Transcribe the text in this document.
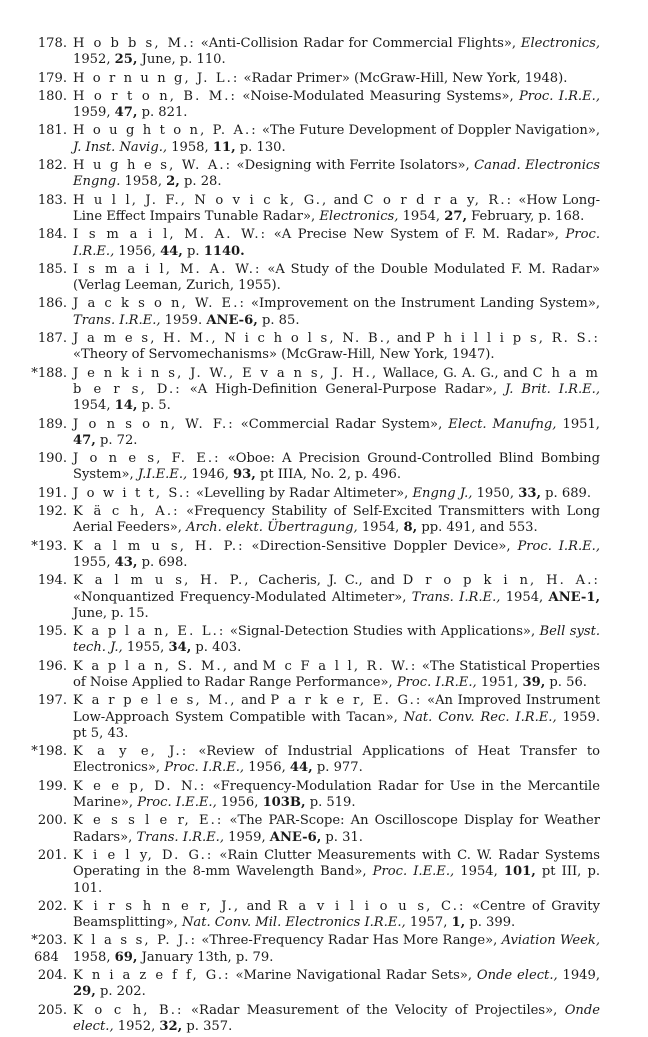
178. H o b b s, M.: «Anti-Collision Radar for Commercial Flights», Electronics, 1952, 25, June, p. 110.
179. H o r n u n g, J. L.: «Radar Primer» (McGraw-Hill, New York, 1948).
180. H o r t o n, B. M.: «Noise-Modulated Measuring Systems», Proc. I.R.E., 1959, 47, p. 821.
181. H o u g h t o n, P. A.: «The Future Development of Doppler Navigation», J. Inst. Navig., 1958, 11, p. 130.
182. H u g h e s, W. A.: «Designing with Ferrite Isolators», Canad. Electronics Engng. 1958, 2, p. 28.
183. H u l l, J. F., N o v i c k, G., and C o r d r a y, R.: «How Long-Line Effect Impairs Tunable Radar», Electronics, 1954, 27, February, p. 168.
184. I s m a i l, M. A. W.: «A Precise New System of F. M. Radar», Proc. I.R.E., 1956, 44, p. 1140.
185. I s m a i l, M. A. W.: «A Study of the Double Modulated F. M. Radar» (Verlag Leeman, Zurich, 1955).
186. J a c k s o n, W. E.: «Improvement on the Instrument Landing System», Trans. I.R.E., 1959. ANE-6, p. 85.
187. J a m e s, H. M., N i c h o l s, N. B., and P h i l l i p s, R. S.: «Theory of Servomechanisms» (McGraw-Hill, New York, 1947).
*188. J e n k i n s, J. W., E v a n s, J. H., Wallace, G. A. G., and C h a m b e r s, D.: «A High-Definition General-Purpose Radar», J. Brit. I.R.E., 1954, 14, p. 5.
189. J o n s o n, W. F.: «Commercial Radar System», Elect. Manufng, 1951, 47, p. 72.
190. J o n e s, F. E.: «Oboe: A Precision Ground-Controlled Blind Bombing System», J.I.E.E., 1946, 93, pt IIIA, No. 2, p. 496.
191. J o w i t t, S.: «Levelling by Radar Altimeter», Engng J., 1950, 33, p. 689.
192. K ä c h, A.: «Frequency Stability of Self-Excited Transmitters with Long Aerial Feeders», Arch. elekt. Übertragung, 1954, 8, pp. 491, and 553.
*193. K a l m u s, H. P.: «Direction-Sensitive Doppler Device», Proc. I.R.E., 1955, 43, p. 698.
194. K a l m u s, H. P., Cacheris, J. C., and D r o p k i n, H. A.: «Nonquantized Frequency-Modulated Altimeter», Trans. I.R.E., 1954, ANE-1, June, p. 15.
195. K a p l a n, E. L.: «Signal-Detection Studies with Applications», Bell syst. tech. J., 1955, 34, p. 403.
196. K a p l a n, S. M., and M c F a l l, R. W.: «The Statistical Properties of Noise Applied to Radar Range Performance», Proc. I.R.E., 1951, 39, p. 56.
197. K a r p e l e s, M., and P a r k e r, E. G.: «An Improved Instrument Low-Approach System Compatible with Tacan», Nat. Conv. Rec. I.R.E., 1959. pt 5, 43.
*198. K a y e, J.: «Review of Industrial Applications of Heat Transfer to Electronics», Proc. I.R.E., 1956, 44, p. 977.
199. K e e p, D. N.: «Frequency-Modulation Radar for Use in the Mercantile Marine», Proc. I.E.E., 1956, 103B, p. 519.
200. K e s s l e r, E.: «The PAR-Scope: An Oscilloscope Display for Weather Radars», Trans. I.R.E., 1959, ANE-6, p. 31.
201. K i e l y, D. G.: «Rain Clutter Measurements with C. W. Radar Systems Operating in the 8-mm Wavelength Band», Proc. I.E.E., 1954, 101, pt III, p. 101.
202. K i r s h n e r, J., and R a v i l i o u s, C.: «Centre of Gravity Beamsplitting», Nat. Conv. Mil. Electronics I.R.E., 1957, 1, p. 399.
*203. K l a s s, P. J.: «Three-Frequency Radar Has More Range», Aviation Week, 1958, 69, January 13th, p. 79.
204. K n i a z e f f, G.: «Marine Navigational Radar Sets», Onde elect., 1949, 29, p. 202.
205. K o c h, B.: «Radar Measurement of the Velocity of Projectiles», Onde elect., 1952, 32, p. 357.
684
